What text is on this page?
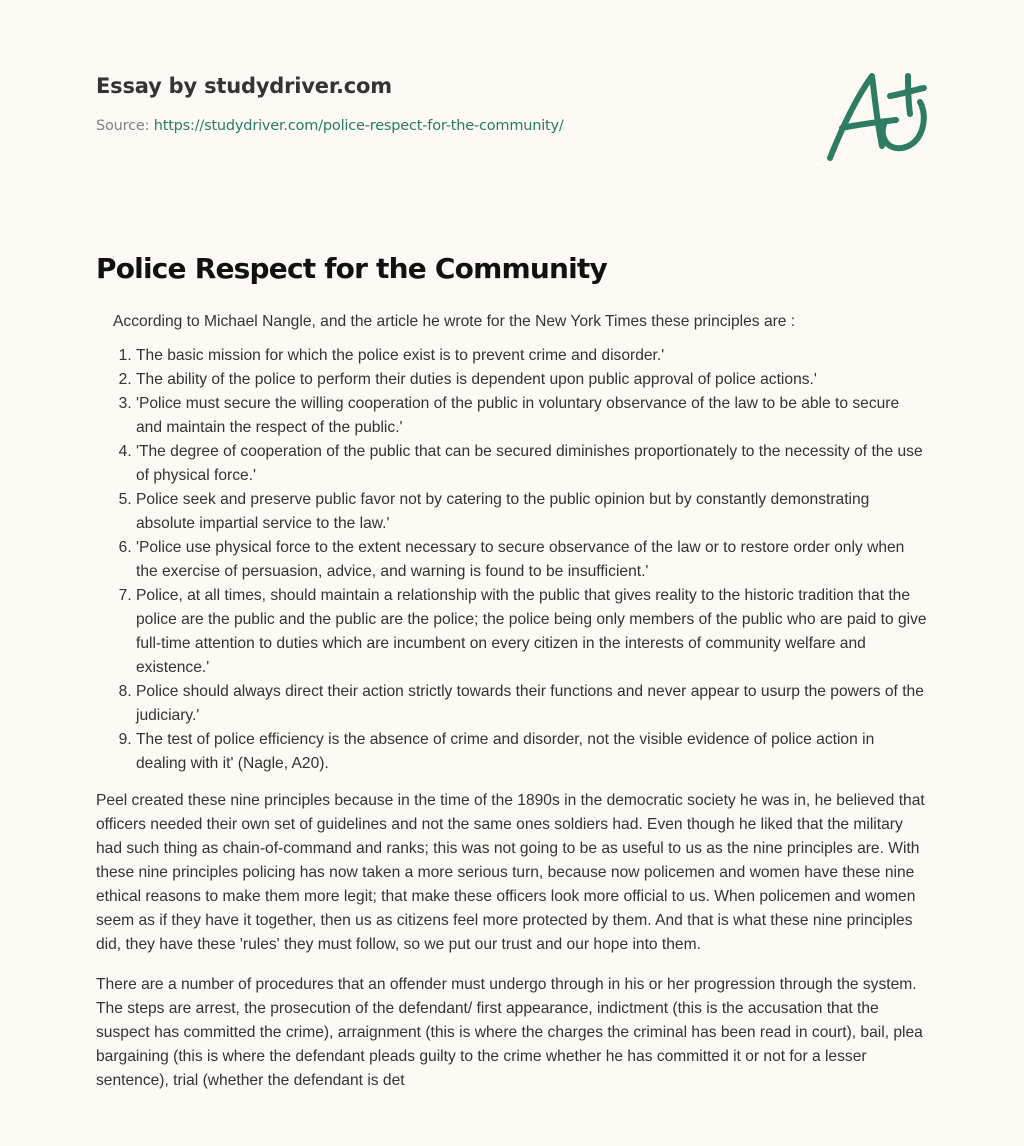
Essay by studydriver.com
Source: https://studydriver.com/police-respect-for-the-community/
Police Respect for the Community

According to Michael Nangle, and the article he wrote for the New York Times these principles are :

1. The basic mission for which the police exist is to prevent crime and disorder.'
2. The ability of the police to perform their duties is dependent upon public approval of police actions.'
3. 'Police must secure the willing cooperation of the public in voluntary observance of the law to be able to secure and maintain the respect of the public.'
4. 'The degree of cooperation of the public that can be secured diminishes proportionately to the necessity of the use of physical force.'
5. Police seek and preserve public favor not by catering to the public opinion but by constantly demonstrating absolute impartial service to the law.'
6. 'Police use physical force to the extent necessary to secure observance of the law or to restore order only when the exercise of persuasion, advice, and warning is found to be insufficient.'
7. Police, at all times, should maintain a relationship with the public that gives reality to the historic tradition that the police are the public and the public are the police; the police being only members of the public who are paid to give full-time attention to duties which are incumbent on every citizen in the interests of community welfare and existence.'
8. Police should always direct their action strictly towards their functions and never appear to usurp the powers of the judiciary.'
9. The test of police efficiency is the absence of crime and disorder, not the visible evidence of police action in dealing with it' (Nagle, A20).

Peel created these nine principles because in the time of the 1890s in the democratic society he was in, he believed that officers needed their own set of guidelines and not the same ones soldiers had. Even though he liked that the military had such thing as chain-of-command and ranks; this was not going to be as useful to us as the nine principles are. With these nine principles policing has now taken a more serious turn, because now policemen and women have these nine ethical reasons to make them more legit; that make these officers look more official to us. When policemen and women seem as if they have it together, then us as citizens feel more protected by them. And that is what these nine principles did, they have these 'rules' they must follow, so we put our trust and our hope into them.

There are a number of procedures that an offender must undergo through in his or her progression through the system. The steps are arrest, the prosecution of the defendant/ first appearance, indictment (this is the accusation that the suspect has committed the crime), arraignment (this is where the charges the criminal has been read in court), bail, plea bargaining (this is where the defendant pleads guilty to the crime whether he has committed it or not for a lesser sentence), trial (whether the defendant is det
